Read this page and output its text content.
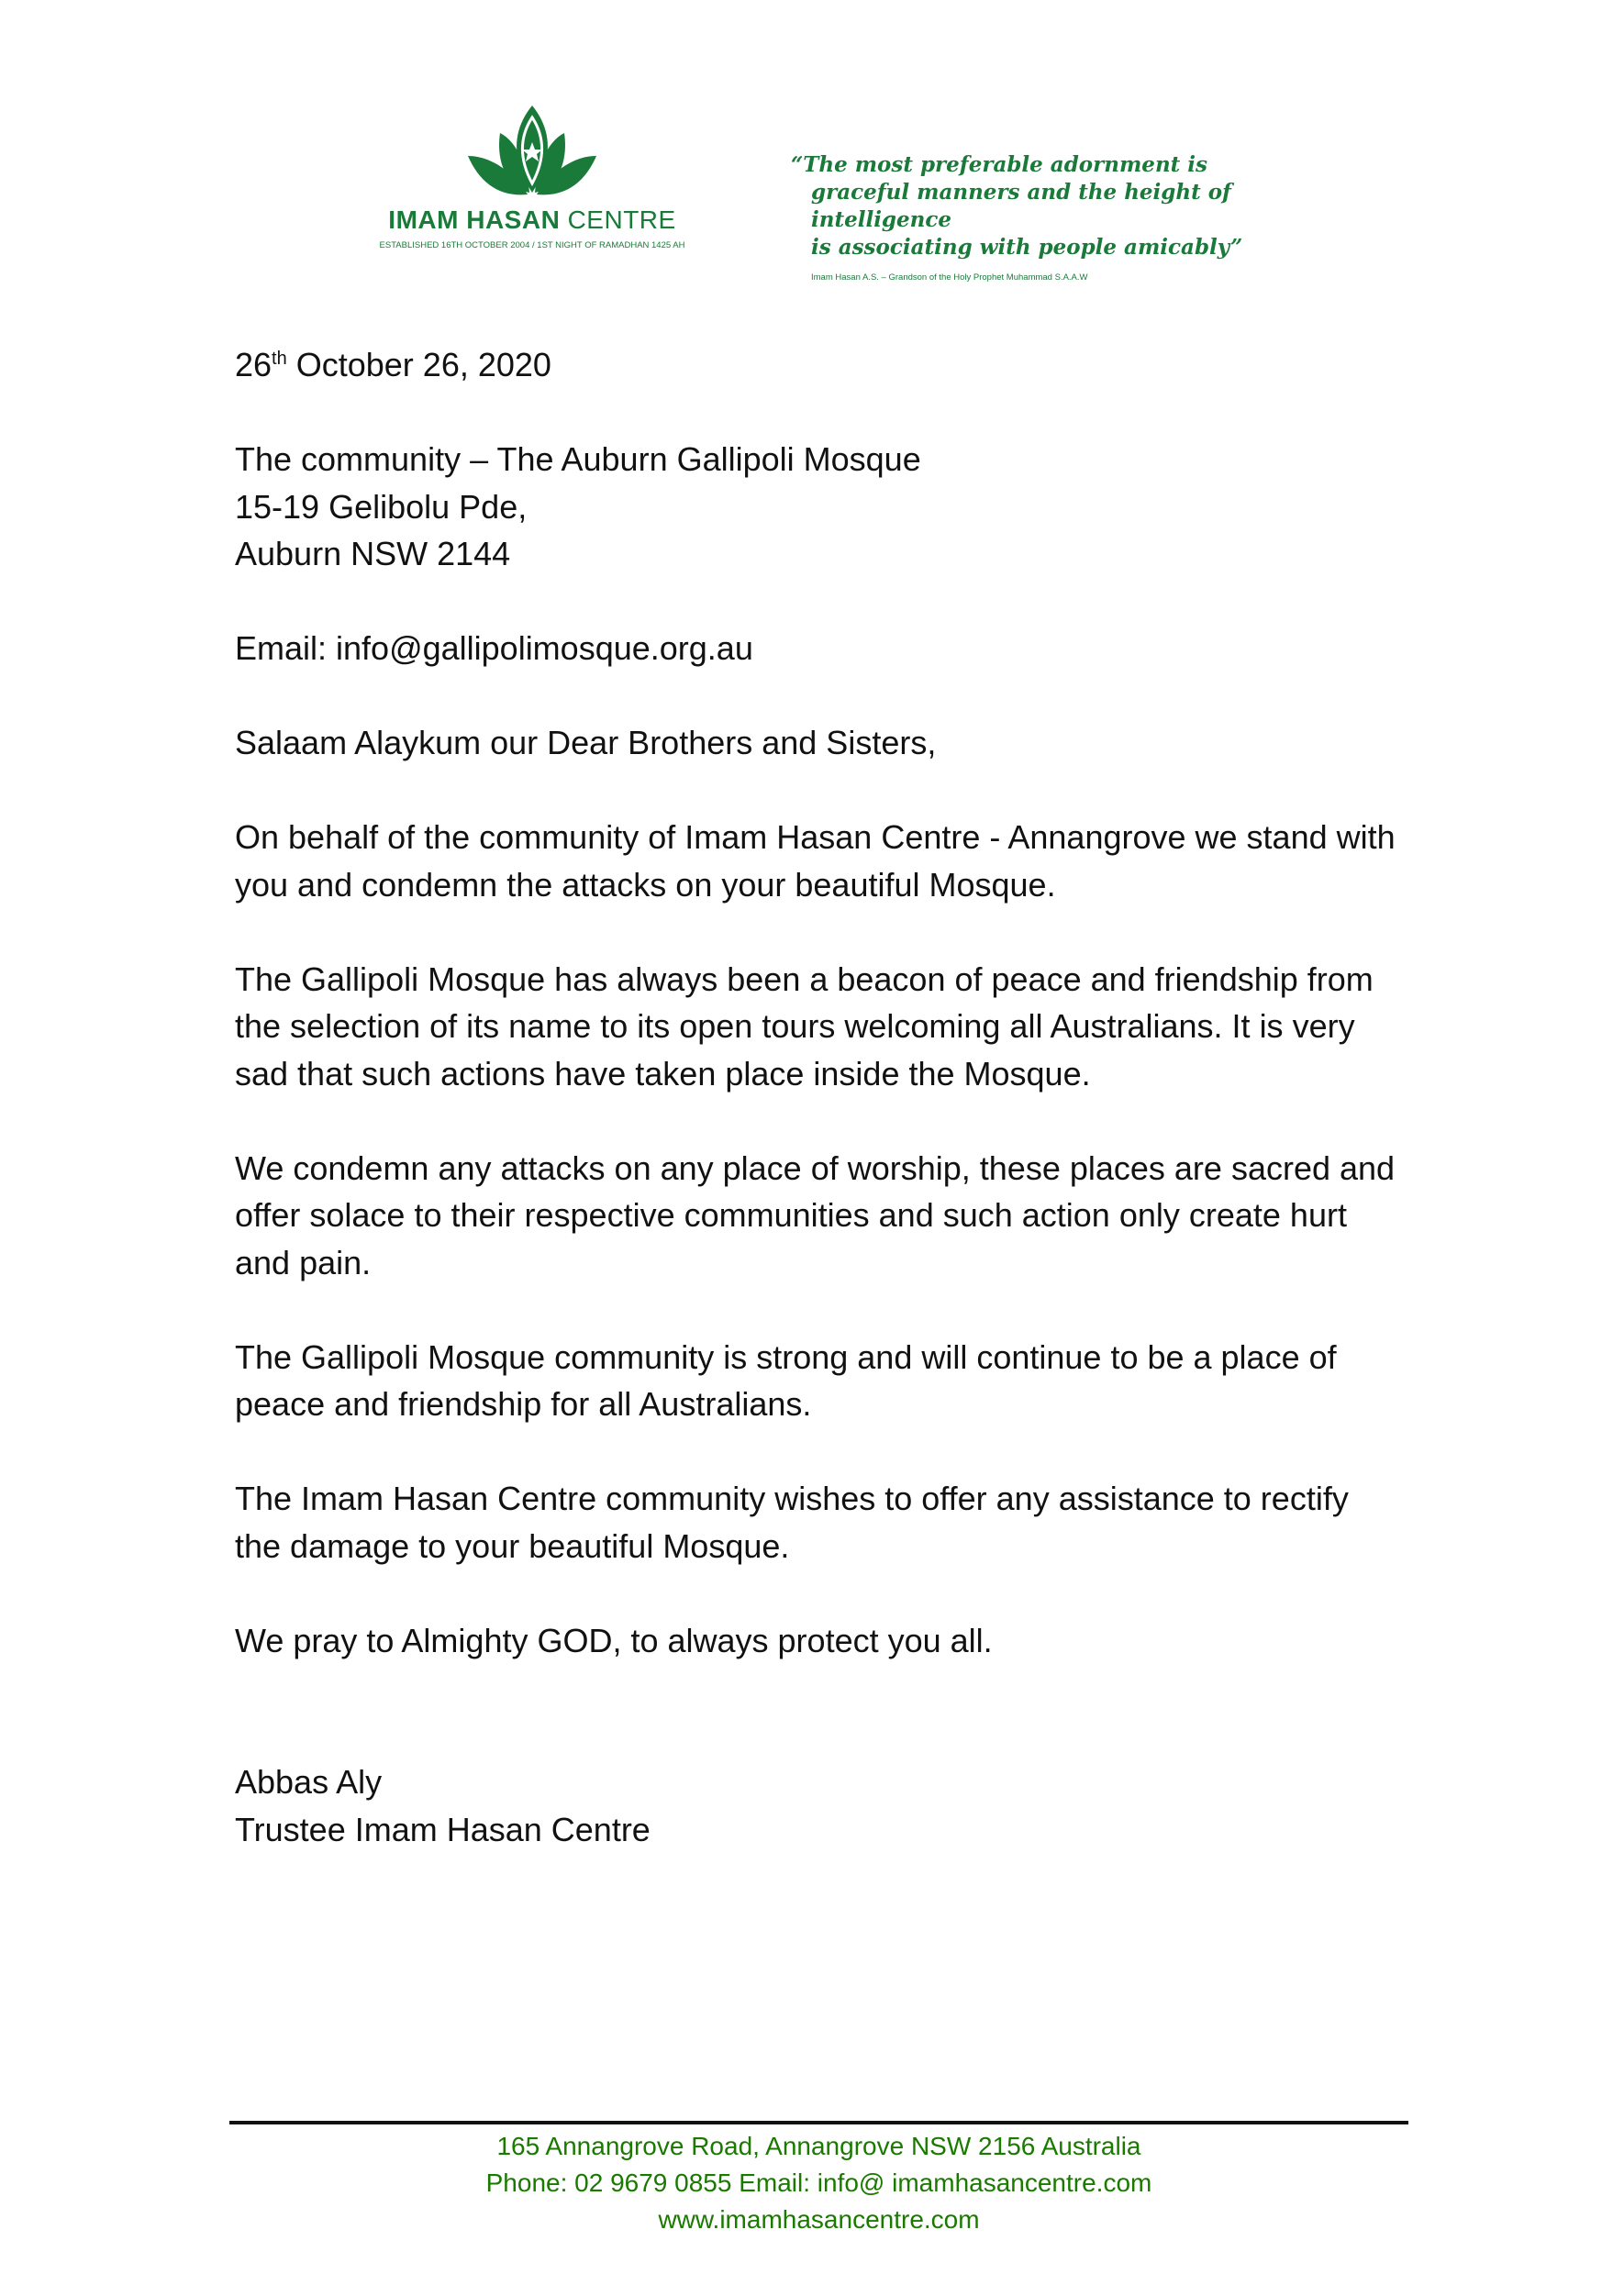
IMAM HASAN CENTRE
ESTABLISHED 16TH OCTOBER 2004 / 1ST NIGHT OF RAMADHAN 1425 AH
“The most preferable adornment is
graceful manners and the height of intelligence
is associating with people amicably”
Imam Hasan A.S. – Grandson of the Holy Prophet Muhammad S.A.A.W

26th October 26, 2020

The community – The Auburn Gallipoli Mosque
15-19 Gelibolu Pde,
Auburn NSW 2144

Email: info@gallipolimosque.org.au

Salaam Alaykum our Dear Brothers and Sisters,

On behalf of the community of Imam Hasan Centre - Annangrove we stand with you and condemn the attacks on your beautiful Mosque.

The Gallipoli Mosque has always been a beacon of peace and friendship from the selection of its name to its open tours welcoming all Australians. It is very sad that such actions have taken place inside the Mosque.

We condemn any attacks on any place of worship, these places are sacred and offer solace to their respective communities and such action only create hurt and pain.

The Gallipoli Mosque community is strong and will continue to be a place of peace and friendship for all Australians.

The Imam Hasan Centre community wishes to offer any assistance to rectify the damage to your beautiful Mosque.

We pray to Almighty GOD, to always protect you all.

Abbas Aly
Trustee Imam Hasan Centre
165 Annangrove Road, Annangrove NSW 2156 Australia
Phone: 02 9679 0855 Email: info@ imamhasancentre.com
www.imamhasancentre.com
